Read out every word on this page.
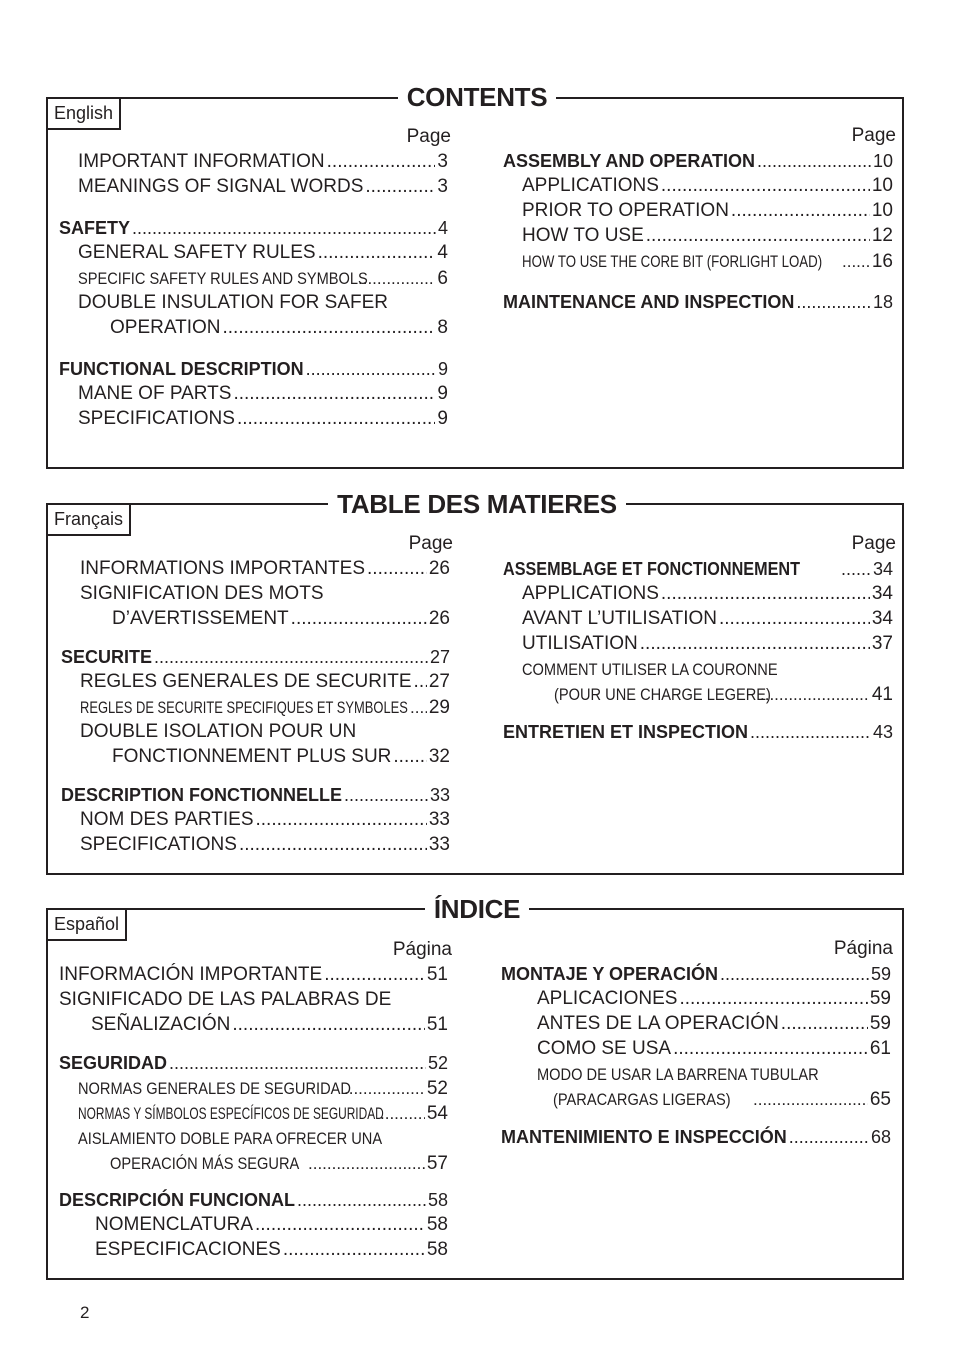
CONTENTS
English
Page	Page
IMPORTANT INFORMATION .....	3
MEANINGS OF SIGNAL WORDS .....	3
SAFETY .....	4
GENERAL SAFETY RULES .....	4
SPECIFIC SAFETY RULES AND SYMBOLS .....	6
DOUBLE INSULATION FOR SAFER
OPERATION .....	8
FUNCTIONAL DESCRIPTION .....	9
MANE OF PARTS .....	9
SPECIFICATIONS .....	9
ASSEMBLY AND OPERATION .....	10
APPLICATIONS .....	10
PRIOR TO OPERATION .....	10
HOW TO USE .....	12
HOW TO USE THE CORE BIT (FORLIGHT LOAD) .....	16
MAINTENANCE AND INSPECTION .....	18
TABLE DES MATIERES
Français
Page	Page
INFORMATIONS IMPORTANTES .....	26
SIGNIFICATION DES MOTS
D’AVERTISSEMENT .....	26
SECURITE .....	27
REGLES GENERALES DE SECURITE ..... 27
REGLES DE SECURITE SPECIFIQUES ET SYMBOLES ..... 29
DOUBLE ISOLATION POUR UN
FONCTIONNEMENT PLUS SUR ..... 32
DESCRIPTION FONCTIONNELLE .....	33
NOM DES PARTIES .....	33
SPECIFICATIONS .....	33
ASSEMBLAGE ET FONCTIONNEMENT .....	34
APPLICATIONS .....	34
AVANT L’UTILISATION .....	34
UTILISATION .....	37
COMMENT UTILISER LA COURONNE
(POUR UNE CHARGE LEGERE) .....	41
ENTRETIEN ET INSPECTION .....	43
ÍNDICE
Español
Página	Página
INFORMACIÓN IMPORTANTE .....	51
SIGNIFICADO DE LAS PALABRAS DE
SEÑALIZACIÓN .....	51
SEGURIDAD .....	52
NORMAS GENERALES DE SEGURIDAD .....	52
NORMAS Y SÍMBOLOS ESPECÍFICOS DE SEGURIDAD ..... 54
AISLAMIENTO DOBLE PARA OFRECER UNA
OPERACIÓN MÁS SEGURA .....	57
DESCRIPCIÓN FUNCIONAL .....	58
NOMENCLATURA .....	58
ESPECIFICACIONES .....	58
MONTAJE Y OPERACIÓN .....	59
APLICACIONES .....	59
ANTES DE LA OPERACIÓN .....	59
COMO SE USA .....	61
MODO DE USAR LA BARRENA TUBULAR
(PARACARGAS LIGERAS) .....	65
MANTENIMIENTO E INSPECCIÓN .....	68
2
